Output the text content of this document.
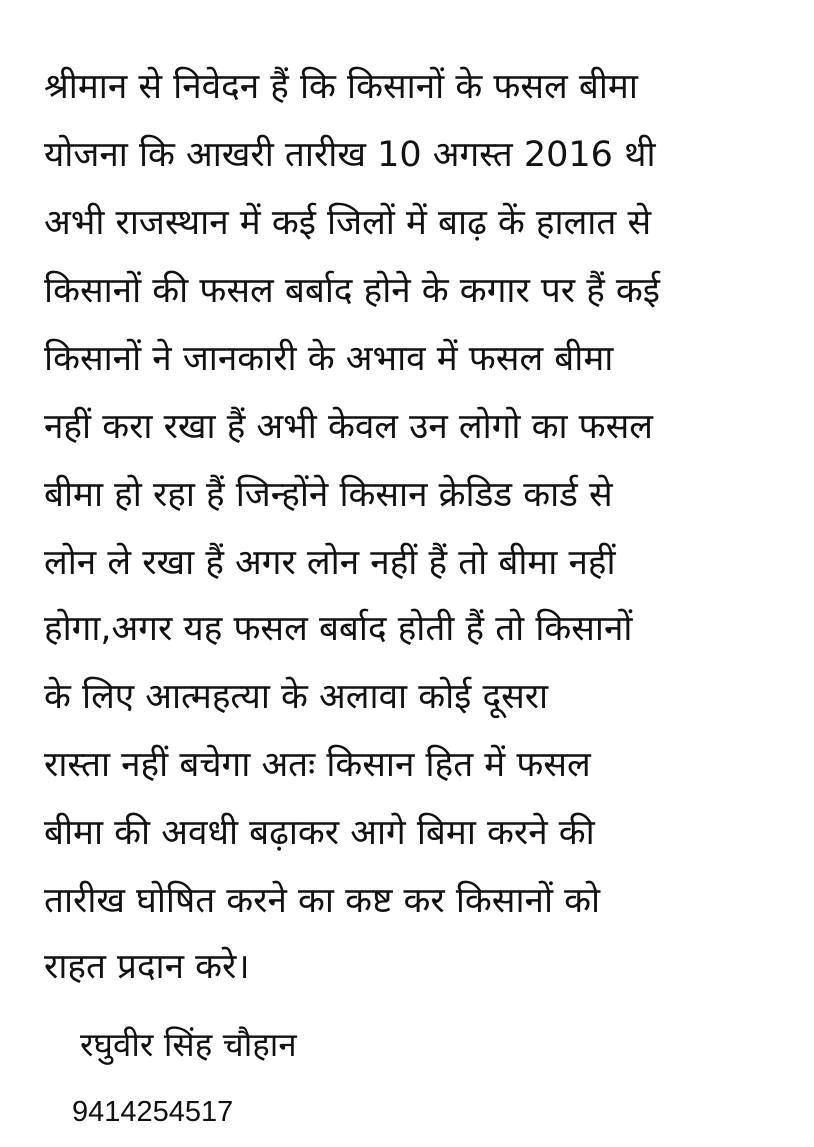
श्रीमान से निवेदन हैं कि किसानों के फसल बीमा
योजना कि आखरी तारीख 10 अगस्त 2016 थी
अभी राजस्थान में कई जिलों में बाढ़ कें हालात से
किसानों की फसल बर्बाद होने के कगार पर हैं कई
किसानों ने जानकारी के अभाव में फसल बीमा
नहीं करा रखा हैं अभी केवल उन लोगो का फसल
बीमा हो रहा हैं जिन्होंने किसान क्रेडिड कार्ड से
लोन ले रखा हैं अगर लोन नहीं हैं तो बीमा नहीं
होगा,अगर यह फसल बर्बाद होती हैं तो किसानों
के लिए आत्महत्या के अलावा कोई दूसरा
रास्ता नहीं बचेगा अतः किसान हित में फसल
बीमा की अवधी बढ़ाकर आगे बिमा करने की
तारीख घोषित करने का कष्ट कर किसानों को
राहत प्रदान करे।
रघुवीर सिंह चौहान
9414254517
